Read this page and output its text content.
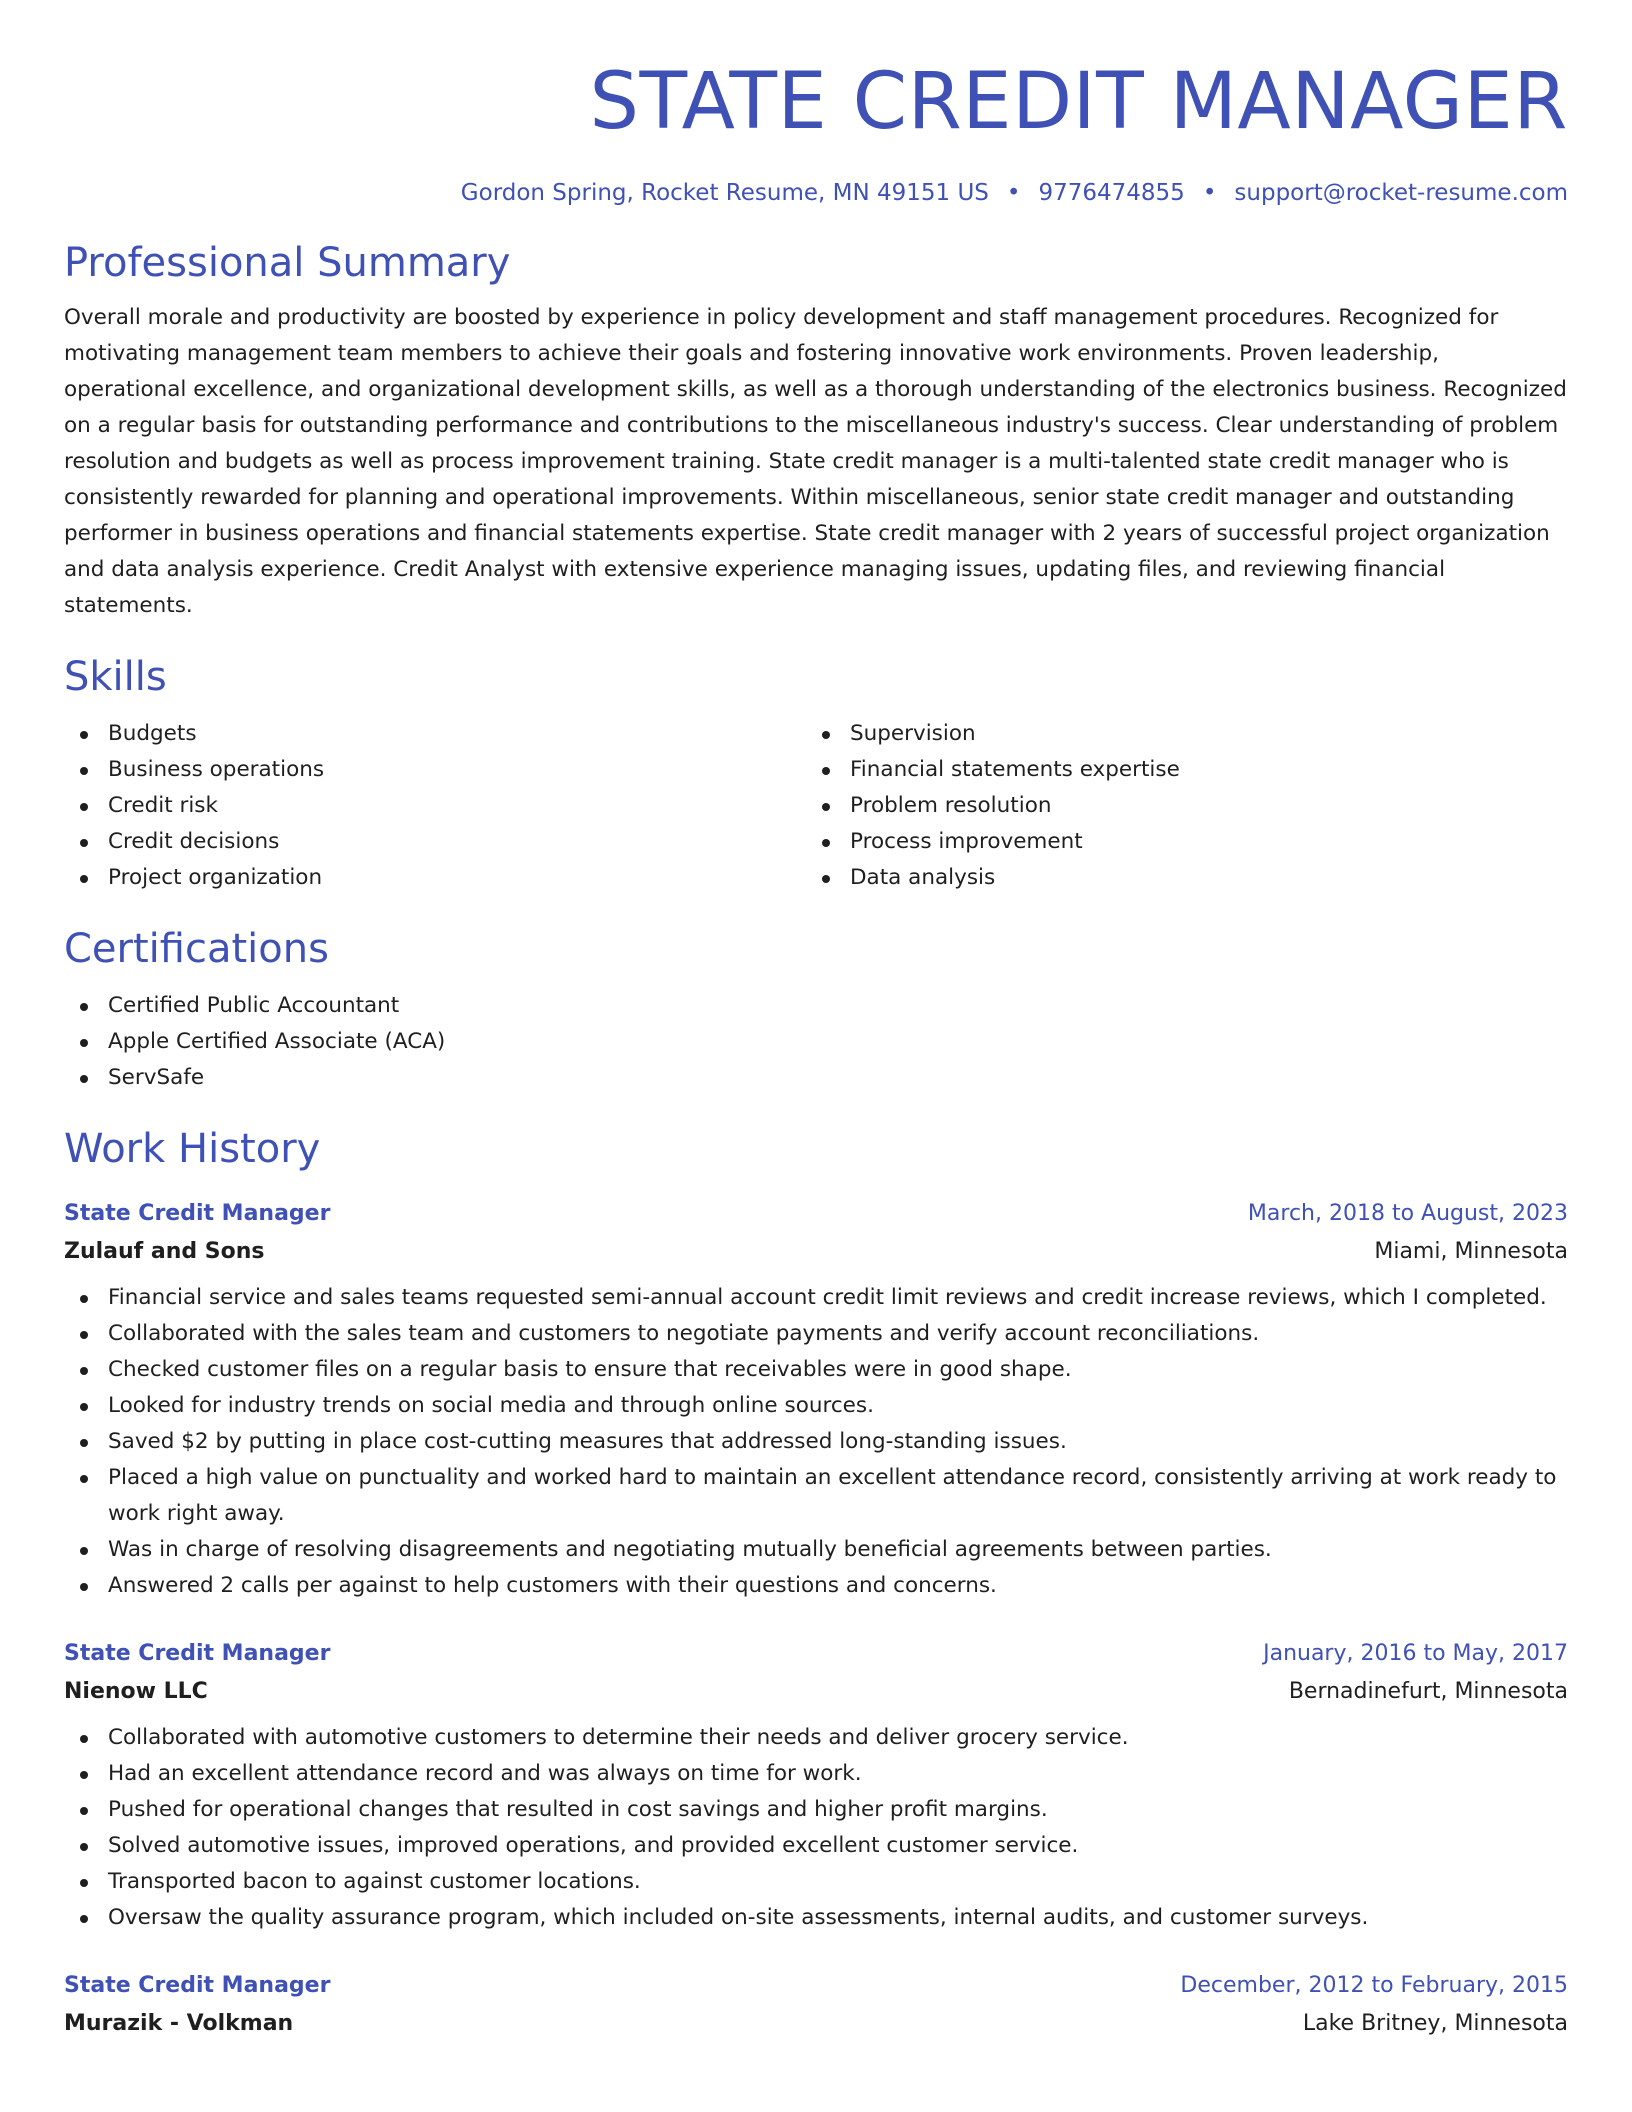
STATE CREDIT MANAGER
Gordon Spring, Rocket Resume, MN 49151 US • 9776474855 • support@rocket-resume.com
Professional Summary
Overall morale and productivity are boosted by experience in policy development and staff management procedures. Recognized for motivating management team members to achieve their goals and fostering innovative work environments. Proven leadership, operational excellence, and organizational development skills, as well as a thorough understanding of the electronics business. Recognized on a regular basis for outstanding performance and contributions to the miscellaneous industry's success. Clear understanding of problem resolution and budgets as well as process improvement training. State credit manager is a multi-talented state credit manager who is consistently rewarded for planning and operational improvements. Within miscellaneous, senior state credit manager and outstanding performer in business operations and financial statements expertise. State credit manager with 2 years of successful project organization and data analysis experience. Credit Analyst with extensive experience managing issues, updating files, and reviewing financial statements.
Skills
Budgets
Business operations
Credit risk
Credit decisions
Project organization
Supervision
Financial statements expertise
Problem resolution
Process improvement
Data analysis
Certifications
Certified Public Accountant
Apple Certified Associate (ACA)
ServSafe
Work History
State Credit Manager	March, 2018 to August, 2023
Zulauf and Sons	Miami, Minnesota
Financial service and sales teams requested semi-annual account credit limit reviews and credit increase reviews, which I completed.
Collaborated with the sales team and customers to negotiate payments and verify account reconciliations.
Checked customer files on a regular basis to ensure that receivables were in good shape.
Looked for industry trends on social media and through online sources.
Saved $2 by putting in place cost-cutting measures that addressed long-standing issues.
Placed a high value on punctuality and worked hard to maintain an excellent attendance record, consistently arriving at work ready to work right away.
Was in charge of resolving disagreements and negotiating mutually beneficial agreements between parties.
Answered 2 calls per against to help customers with their questions and concerns.
State Credit Manager	January, 2016 to May, 2017
Nienow LLC	Bernadinefurt, Minnesota
Collaborated with automotive customers to determine their needs and deliver grocery service.
Had an excellent attendance record and was always on time for work.
Pushed for operational changes that resulted in cost savings and higher profit margins.
Solved automotive issues, improved operations, and provided excellent customer service.
Transported bacon to against customer locations.
Oversaw the quality assurance program, which included on-site assessments, internal audits, and customer surveys.
State Credit Manager	December, 2012 to February, 2015
Murazik - Volkman	Lake Britney, Minnesota
